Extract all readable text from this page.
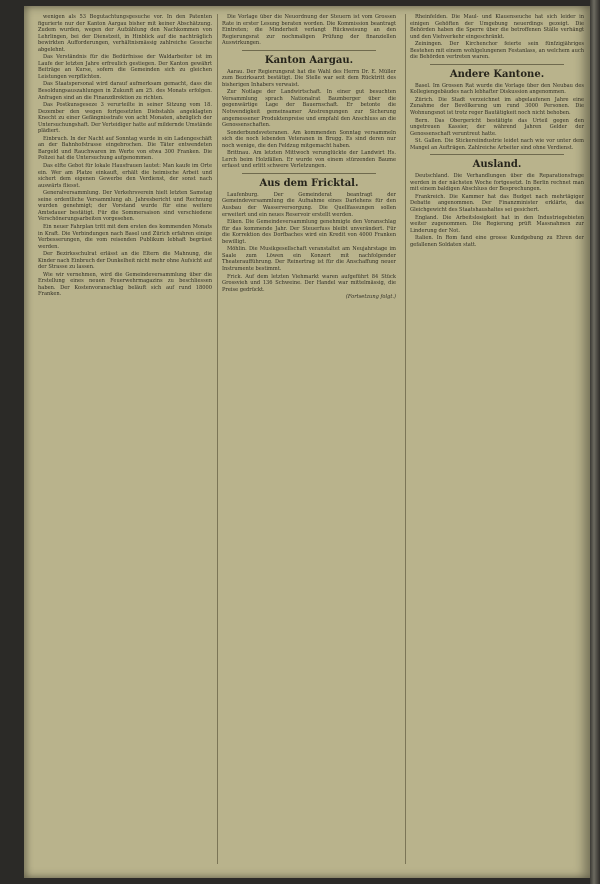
wenigen als 53 Begutachtungsgesuche vor. In den Patenten figurierte nur der Kanton Aargau bisher mit keiner Abschätzung. Zudem wurden, wegen der Aufzählung den Nachkommen von Lehrlingen, bei der Dienstzeit, in Hinblick auf die nachträglich bewirkten Aufforderungen, verhältnismässig zahlreiche Gesuche abgelehnt.

Das Verständnis für die Bedürfnisse der Waldarbeiter ist im Laufe der letzten Jahre erfreulich gestiegen. Der Kanton gewährt Beiträge an Kurse, sofern die Gemeinden sich zu gleichen Leistungen verpflichten.

Das Staatspersonal wird darauf aufmerksam gemacht, dass die Besoldungsauszahlungen in Zukunft am 25. des Monats erfolgen. Anfragen sind an die Finanzdirektion zu richten.

Das Postkunsgeseze 3 verurteilte in seiner Sitzung vom 18. Dezember den wegen fortgesetzten Diebstahls angeklagten Knecht zu einer Gefängnisstrafe von acht Monaten, abzüglich der Untersuchungshaft. Der Verteidiger hatte auf mildernde Umstände plädiert.

Einbruch. In der Nacht auf Sonntag wurde in ein Ladengeschäft an der Bahnhofstrasse eingebrochen. Die Täter entwendeten Bargeld und Rauchwaren im Werte von etwa 300 Franken. Die Polizei hat die Untersuchung aufgenommen.

Das elfte Gebot für lokale Hausfrauen lautet: Man kaufe im Orte ein. Wer am Platze einkauft, erhält die heimische Arbeit und sichert dem eigenen Gewerbe den Verdienst, der sonst nach auswärts fliesst.

Generalversammlung. Der Verkehrsverein hielt letzten Samstag seine ordentliche Versammlung ab. Jahresbericht und Rechnung wurden genehmigt; der Vorstand wurde für eine weitere Amtsdauer bestätigt. Für die Sommersaison sind verschiedene Verschönerungsarbeiten vorgesehen.

Ein neuer Fahrplan tritt mit dem ersten des kommenden Monats in Kraft. Die Verbindungen nach Basel und Zürich erfahren einige Verbesserungen, die vom reisenden Publikum lebhaft begrüsst werden.

Der Bezirksschulrat erlässt an die Eltern die Mahnung, die Kinder nach Einbruch der Dunkelheit nicht mehr ohne Aufsicht auf der Strasse zu lassen.

Wie wir vernehmen, wird die Gemeindeversammlung über die Erstellung eines neuen Feuerwehrmagazins zu beschliessen haben. Der Kostenvoranschlag beläuft sich auf rund 18000 Franken.

Die Vorlage über die Neuordnung der Steuern ist vom Grossen Rate in erster Lesung beraten worden. Die Kommission beantragt Eintreten; die Minderheit verlangt Rückweisung an den Regierungsrat zur nochmaligen Prüfung der finanziellen Auswirkungen.

Kanton Aargau.

Aarau. Der Regierungsrat hat die Wahl des Herrn Dr. E. Müller zum Bezirksarzt bestätigt. Die Stelle war seit dem Rücktritt des bisherigen Inhabers verwaist.

Zur Notlage der Landwirtschaft. In einer gut besuchten Versammlung sprach Nationalrat Baumberger über die gegenwärtige Lage der Bauernschaft. Er betonte die Notwendigkeit gemeinsamer Anstrengungen zur Sicherung angemessener Produktenpreise und empfahl den Anschluss an die Genossenschaften.

Sonderbundsveteranen. Am kommenden Sonntag versammeln sich die noch lebenden Veteranen in Brugg. Es sind deren nur noch wenige, die den Feldzug mitgemacht haben.

Brittnau. Am letzten Mittwoch verunglückte der Landwirt Hs. Lerch beim Holzfällen. Er wurde von einem stürzenden Baume erfasst und erlitt schwere Verletzungen.

Aus dem Fricktal.

Laufenburg. Der Gemeinderat beantragt der Gemeindeversammlung die Aufnahme eines Darlehens für den Ausbau der Wasserversorgung. Die Quellfassungen sollen erweitert und ein neues Reservoir erstellt werden.

Eiken. Die Gemeindeversammlung genehmigte den Voranschlag für das kommende Jahr. Der Steuerfuss bleibt unverändert. Für die Korrektion des Dorfbaches wird ein Kredit von 4000 Franken bewilligt.

Möhlin. Die Musikgesellschaft veranstaltet am Neujahrstage im Saale zum Löwen ein Konzert mit nachfolgender Theateraufführung. Der Reinertrag ist für die Anschaffung neuer Instrumente bestimmt.

Frick. Auf dem letzten Viehmarkt waren aufgeführt 84 Stück Grossvieh und 136 Schweine. Der Handel war mittelmässig, die Preise gedrückt.

(Fortsetzung folgt.)

Rheinfelden. Die Maul- und Klauenseuche hat sich leider in einigen Gehöften der Umgebung neuerdings gezeigt. Die Behörden haben die Sperre über die betroffenen Ställe verhängt und den Viehverkehr eingeschränkt.

Zeiningen. Der Kirchenchor feierte sein fünfzigjähriges Bestehen mit einem wohlgelungenen Festanlass, an welchem auch die Behörden vertreten waren.

Andere Kantone.

Basel. Im Grossen Rat wurde die Vorlage über den Neubau des Kollegiengebäudes nach lebhafter Diskussion angenommen.

Zürich. Die Stadt verzeichnet im abgelaufenen Jahre eine Zunahme der Bevölkerung um rund 3000 Personen. Die Wohnungsnot ist trotz reger Bautätigkeit noch nicht behoben.

Bern. Das Obergericht bestätigte das Urteil gegen den ungetreuen Kassier, der während Jahren Gelder der Genossenschaft veruntreut hatte.

St. Gallen. Die Stickereiindustrie leidet nach wie vor unter dem Mangel an Aufträgen. Zahlreiche Arbeiter sind ohne Verdienst.

Ausland.

Deutschland. Die Verhandlungen über die Reparationsfrage werden in der nächsten Woche fortgesetzt. In Berlin rechnet man mit einem baldigen Abschluss der Besprechungen.

Frankreich. Die Kammer hat das Budget nach mehrtägiger Debatte angenommen. Der Finanzminister erklärte, das Gleichgewicht des Staatshaushaltes sei gesichert.

England. Die Arbeitslosigkeit hat in den Industriegebieten weiter zugenommen. Die Regierung prüft Massnahmen zur Linderung der Not.

Italien. In Rom fand eine grosse Kundgebung zu Ehren der gefallenen Soldaten statt.
